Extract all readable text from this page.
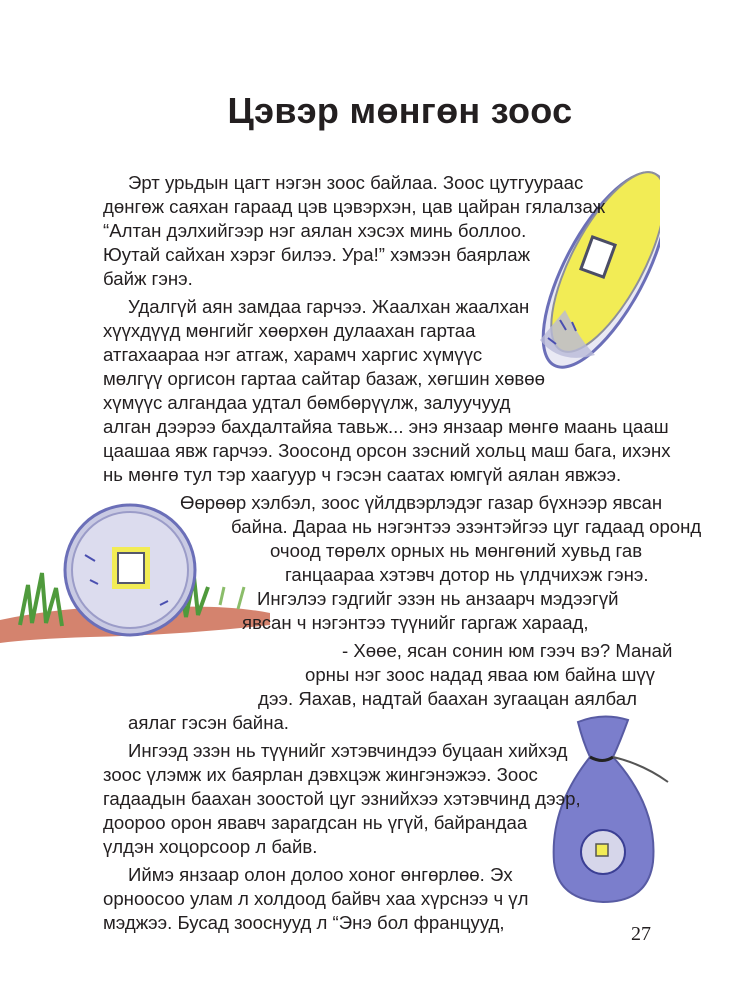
Цэвэр мөнгөн зоос
Эрт урьдын цагт нэгэн зоос байлаа. Зоос цутгуураас
дөнгөж саяхан гараад цэв цэвэрхэн, цав цайран гялалзаж
“Алтан дэлхийгээр нэг аялан хэсэх минь боллоо.
Юутай сайхан хэрэг билээ. Ура!” хэмээн баярлаж
байж гэнэ.
Удалгүй аян замдаа гарчээ. Жаалхан жаалхан
хүүхдүүд мөнгийг хөөрхөн дулаахан гартаа
атгахаараа нэг атгаж, харамч харгис хүмүүс
мөлгүү оргисон гартаа сайтар базаж, хөгшин хөвөө
хүмүүс алгандаа удтал бөмбөрүүлж, залуучууд
алган дээрээ бахдалтайяа тавьж... энэ янзаар мөнгө маань цааш
цаашаа явж гарчээ. Зоосонд орсон зэсний хольц маш бага, ихэнх
нь мөнгө тул тэр хаагуур ч гэсэн саатах юмгүй аялан явжээ.
Өөрөөр хэлбэл, зоос үйлдвэрлэдэг газар бүхнээр явсан
байна. Дараа нь нэгэнтээ эзэнтэйгээ цуг гадаад оронд
очоод төрөлх орных нь мөнгөний хувьд гав
ганцаараа хэтэвч дотор нь үлдчихэж гэнэ.
Ингэлээ гэдгийг эзэн нь анзаарч мэдээгүй
явсан ч нэгэнтээ түүнийг гаргаж хараад,
- Хөөе, ясан сонин юм гээч вэ? Манай
орны нэг зоос надад яваа юм байна шүү
дээ. Яахав, надтай баахан зугаацан аялбал
аялаг гэсэн байна.
Ингээд эзэн нь түүнийг хэтэвчиндээ буцаан хийхэд
зоос үлэмж их баярлан дэвхцэж жингэнэжээ. Зоос
гадаадын баахан зоостой цуг эзнийхээ хэтэвчинд дээр,
доороо орон явавч зарагдсан нь үгүй, байрандаа
үлдэн хоцорсоор л байв.
Иймэ янзаар олон долоо хоног өнгөрлөө. Эх
орноосоо улам л холдоод байвч хаа хүрснээ ч үл
мэджээ. Бусад зооснууд л “Энэ бол францууд,
27
